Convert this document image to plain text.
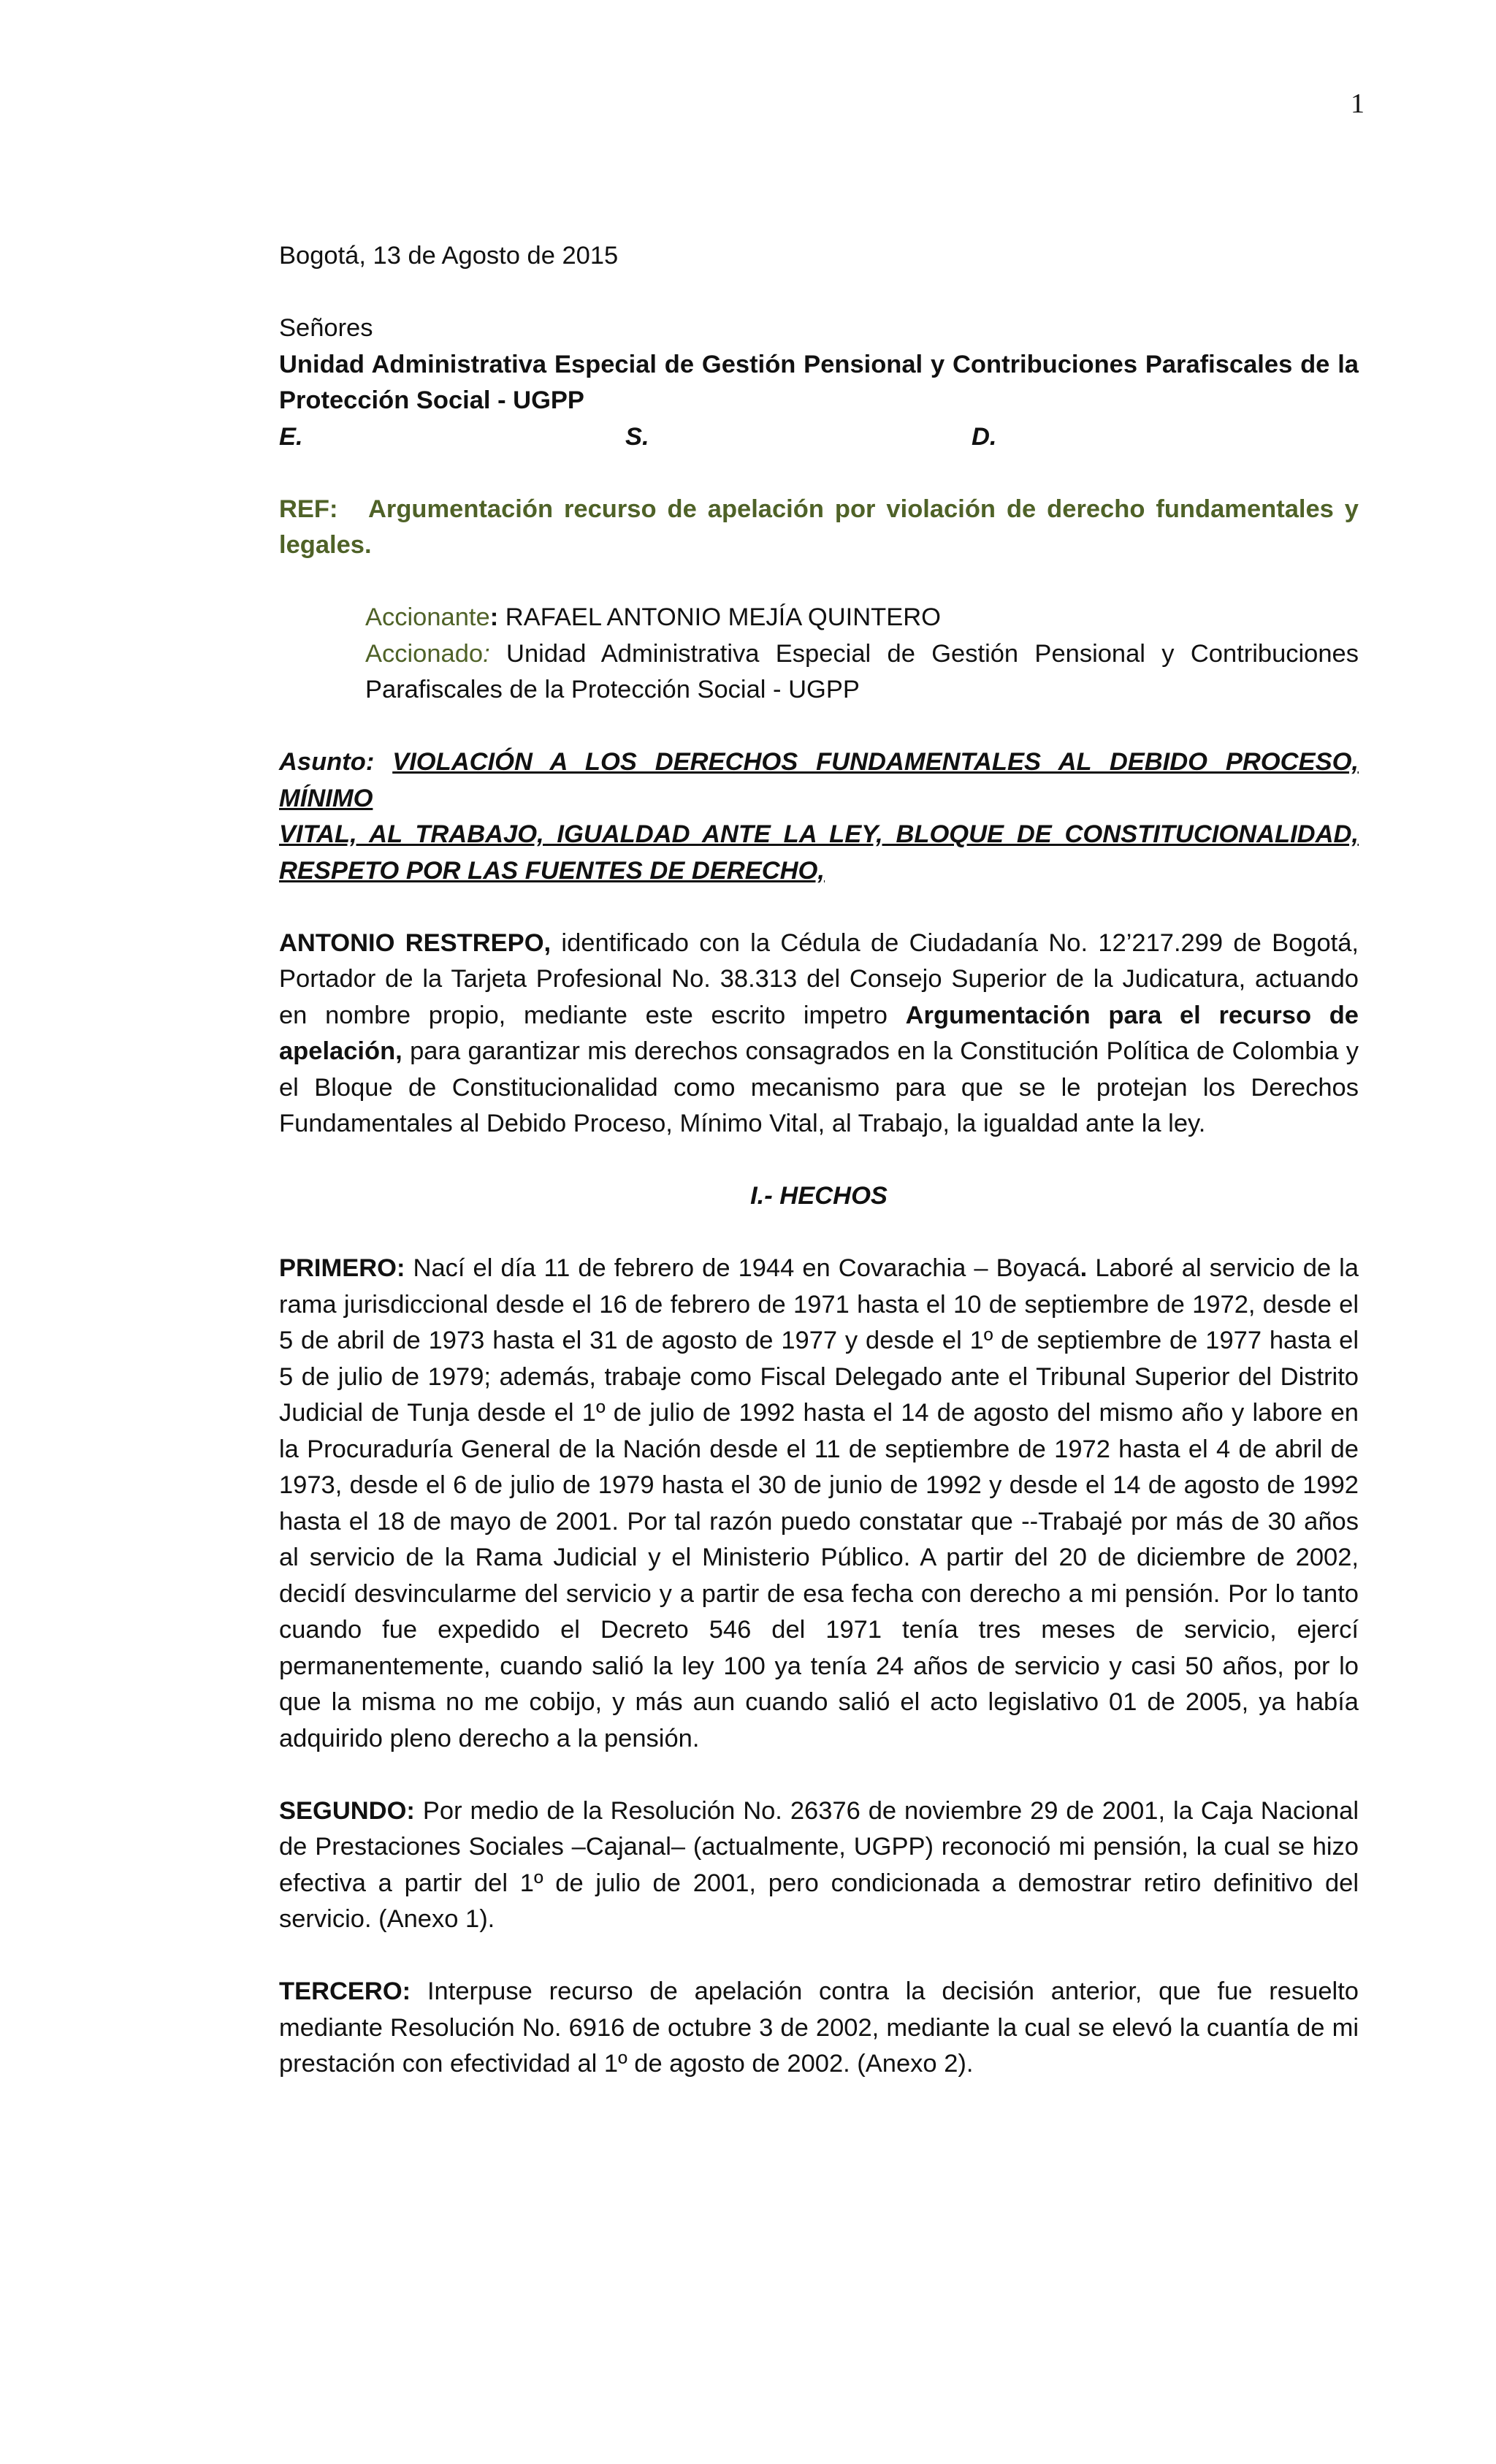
1

Bogotá, 13 de Agosto de 2015

Señores

Unidad Administrativa Especial de Gestión Pensional y Contribuciones Parafiscales de la

Protección Social - UGPP

E.	S.	D.

REF: Argumentación recurso de apelación por violación de derecho fundamentales y

legales.

Accionante: RAFAEL ANTONIO MEJÍA QUINTERO

Accionado: Unidad Administrativa Especial de Gestión Pensional y Contribuciones

Parafiscales de la Protección Social - UGPP

Asunto: VIOLACIÓN A LOS DERECHOS FUNDAMENTALES AL DEBIDO PROCESO, MÍNIMO

VITAL, AL TRABAJO, IGUALDAD ANTE LA LEY, BLOQUE DE CONSTITUCIONALIDAD,

RESPETO POR LAS FUENTES DE DERECHO,

ANTONIO RESTREPO, identificado con la Cédula de Ciudadanía No. 12’217.299 de Bogotá, Portador de la Tarjeta Profesional No. 38.313 del Consejo Superior de la Judicatura, actuando en nombre propio, mediante este escrito impetro Argumentación para el recurso de apelación, para garantizar mis derechos consagrados en la Constitución Política de Colombia y el Bloque de Constitucionalidad como mecanismo para que se le protejan los Derechos Fundamentales al Debido Proceso, Mínimo Vital, al Trabajo, la igualdad ante la ley.

I.- HECHOS

PRIMERO: Nací el día 11 de febrero de 1944 en Covarachia – Boyacá. Laboré al servicio de la rama jurisdiccional desde el 16 de febrero de 1971 hasta el 10 de septiembre de 1972, desde el 5 de abril de 1973 hasta el 31 de agosto de 1977 y desde el 1º de septiembre de 1977 hasta el 5 de julio de 1979; además, trabaje como Fiscal Delegado ante el Tribunal Superior del Distrito Judicial de Tunja desde el 1º de julio de 1992 hasta el 14 de agosto del mismo año y labore en la Procuraduría General de la Nación desde el 11 de septiembre de 1972 hasta el 4 de abril de 1973, desde el 6 de julio de 1979 hasta el 30 de junio de 1992 y desde el 14 de agosto de 1992 hasta el 18 de mayo de 2001. Por tal razón puedo constatar que --Trabajé por más de 30 años al servicio de la Rama Judicial y el Ministerio Público. A partir del 20 de diciembre de 2002, decidí desvincularme del servicio y a partir de esa fecha con derecho a mi pensión. Por lo tanto cuando fue expedido el Decreto 546 del 1971 tenía tres meses de servicio, ejercí permanentemente, cuando salió la ley 100 ya tenía 24 años de servicio y casi 50 años, por lo que la misma no me cobijo, y más aun cuando salió el acto legislativo 01 de 2005, ya había adquirido pleno derecho a la pensión.

SEGUNDO: Por medio de la Resolución No. 26376 de noviembre 29 de 2001, la Caja Nacional de Prestaciones Sociales –Cajanal– (actualmente, UGPP) reconoció mi pensión, la cual se hizo efectiva a partir del 1º de julio de 2001, pero condicionada a demostrar retiro definitivo del servicio. (Anexo 1).

TERCERO: Interpuse recurso de apelación contra la decisión anterior, que fue resuelto mediante Resolución No. 6916 de octubre 3 de 2002, mediante la cual se elevó la cuantía de mi prestación con efectividad al 1º de agosto de 2002. (Anexo 2).
